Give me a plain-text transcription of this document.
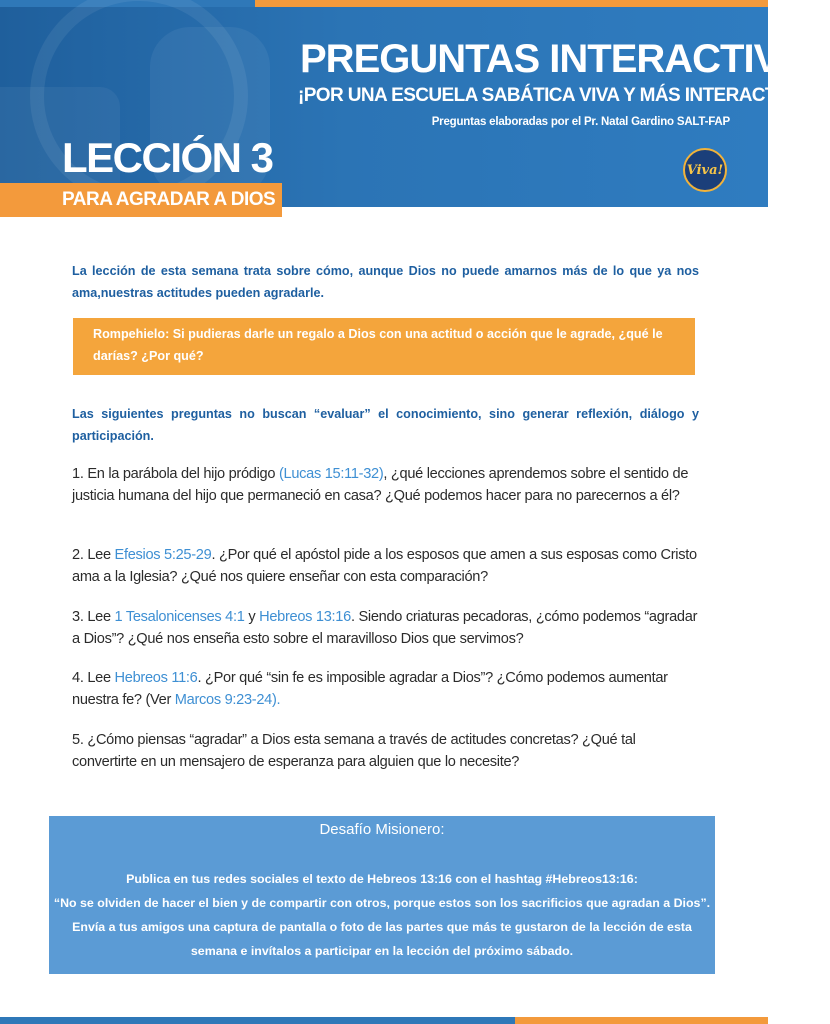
PREGUNTAS INTERACTIVAS
¡POR UNA ESCUELA SABÁTICA VIVA Y MÁS INTERACTIVA!
Preguntas elaboradas por el Pr. Natal Gardino SALT-FAP
LECCIÓN 3	Viva!
PARA AGRADAR A DIOS
La lección de esta semana trata sobre cómo, aunque Dios no puede amarnos más de lo que ya nos ama,nuestras actitudes pueden agradarle.
Rompehielo: Si pudieras darle un regalo a Dios con una actitud o acción que le agrade, ¿qué le darías? ¿Por qué?
Las siguientes preguntas no buscan “evaluar” el conocimiento, sino generar reflexión, diálogo y participación.
1. En la parábola del hijo pródigo (Lucas 15:11-32), ¿qué lecciones aprendemos sobre el sentido de justicia humana del hijo que permaneció en casa? ¿Qué podemos hacer para no parecernos a él?
2. Lee Efesios 5:25-29. ¿Por qué el apóstol pide a los esposos que amen a sus esposas como Cristo ama a la Iglesia? ¿Qué nos quiere enseñar con esta comparación?
3. Lee 1 Tesalonicenses 4:1 y Hebreos 13:16. Siendo criaturas pecadoras, ¿cómo podemos “agradar a Dios”? ¿Qué nos enseña esto sobre el maravilloso Dios que servimos?
4. Lee Hebreos 11:6. ¿Por qué “sin fe es imposible agradar a Dios”? ¿Cómo podemos aumentar nuestra fe? (Ver Marcos 9:23-24).
5. ¿Cómo piensas “agradar” a Dios esta semana a través de actitudes concretas? ¿Qué tal convertirte en un mensajero de esperanza para alguien que lo necesite?
Desafío Misionero:
Publica en tus redes sociales el texto de Hebreos 13:16 con el hashtag #Hebreos13:16:
“No se olviden de hacer el bien y de compartir con otros, porque estos son los sacrificios que agradan a Dios”. Envía a tus amigos una captura de pantalla o foto de las partes que más te gustaron de la lección de esta semana e invítalos a participar en la lección del próximo sábado.
